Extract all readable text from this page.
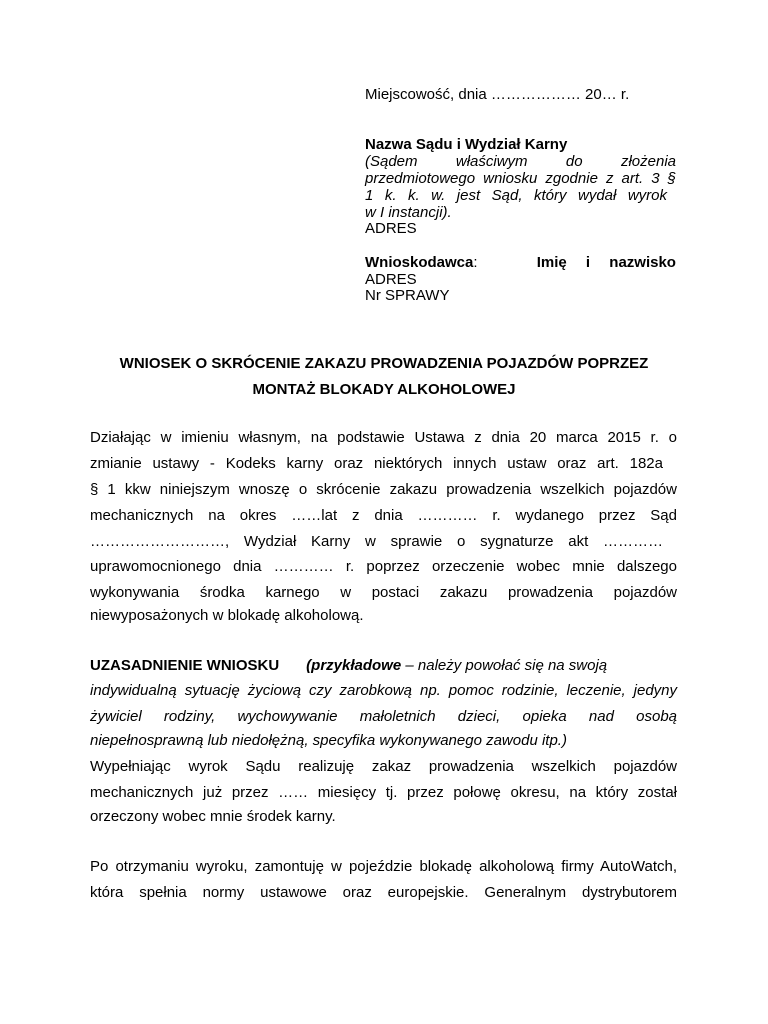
Miejscowość, dnia ……………… 20… r.
Nazwa Sądu i Wydział Karny
(Sądem właściwym do złożenia
przedmiotowego wniosku zgodnie z art. 3 §
1 k. k. w. jest Sąd, który wydał wyrok
w I instancji).
ADRES
Wnioskodawca:	Imię i nazwisko
ADRES
Nr SPRAWY
WNIOSEK O SKRÓCENIE ZAKAZU PROWADZENIA POJAZDÓW POPRZEZ
MONTAŻ BLOKADY ALKOHOLOWEJ
Działając w imieniu własnym, na podstawie Ustawa z dnia 20 marca 2015 r. o
zmianie ustawy - Kodeks karny oraz niektórych innych ustaw oraz art. 182a
§ 1 kkw niniejszym wnoszę o skrócenie zakazu prowadzenia wszelkich pojazdów
mechanicznych na okres ……lat z dnia ………… r. wydanego przez Sąd
………………………, Wydział Karny w sprawie o sygnaturze akt …………
uprawomocnionego dnia ………… r. poprzez orzeczenie wobec mnie dalszego
wykonywania środka karnego w postaci zakazu prowadzenia pojazdów
niewyposażonych w blokadę alkoholową.
UZASADNIENIE WNIOSKU (przykładowe – należy powołać się na swoją
indywidualną sytuację życiową czy zarobkową np. pomoc rodzinie, leczenie, jedyny
żywiciel rodziny, wychowywanie małoletnich dzieci, opieka nad osobą
niepełnosprawną lub niedołężną, specyfika wykonywanego zawodu itp.)
Wypełniając wyrok Sądu realizuję zakaz prowadzenia wszelkich pojazdów
mechanicznych już przez …… miesięcy tj. przez połowę okresu, na który został
orzeczony wobec mnie środek karny.
Po otrzymaniu wyroku, zamontuję w pojeździe blokadę alkoholową firmy AutoWatch,
która spełnia normy ustawowe oraz europejskie. Generalnym dystrybutorem
